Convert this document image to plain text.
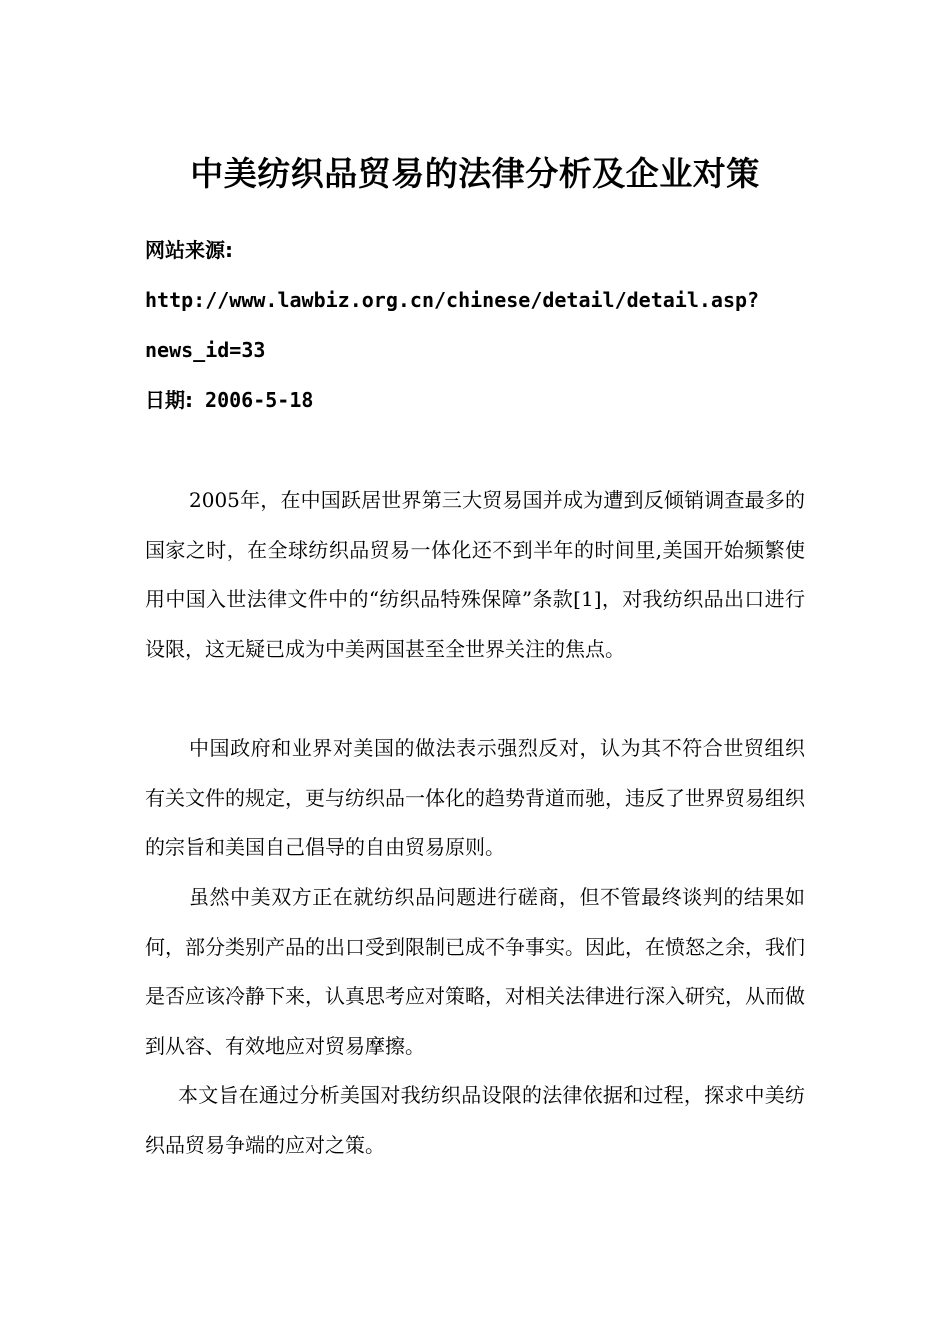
中美纺织品贸易的法律分析及企业对策
网站来源:
http://www.lawbiz.org.cn/chinese/detail/detail.asp?
news_id=33
日期: 2006-5-18

2005年，在中国跃居世界第三大贸易国并成为遭到反倾销调查最多的国家之时，在全球纺织品贸易一体化还不到半年的时间里,美国开始频繁使用中国入世法律文件中的“纺织品特殊保障”条款[1]，对我纺织品出口进行设限，这无疑已成为中美两国甚至全世界关注的焦点。

中国政府和业界对美国的做法表示强烈反对，认为其不符合世贸组织有关文件的规定，更与纺织品一体化的趋势背道而驰，违反了世界贸易组织的宗旨和美国自己倡导的自由贸易原则。

虽然中美双方正在就纺织品问题进行磋商，但不管最终谈判的结果如何，部分类别产品的出口受到限制已成不争事实。因此，在愤怒之余，我们是否应该冷静下来，认真思考应对策略，对相关法律进行深入研究，从而做到从容、有效地应对贸易摩擦。

本文旨在通过分析美国对我纺织品设限的法律依据和过程，探求中美纺织品贸易争端的应对之策。
